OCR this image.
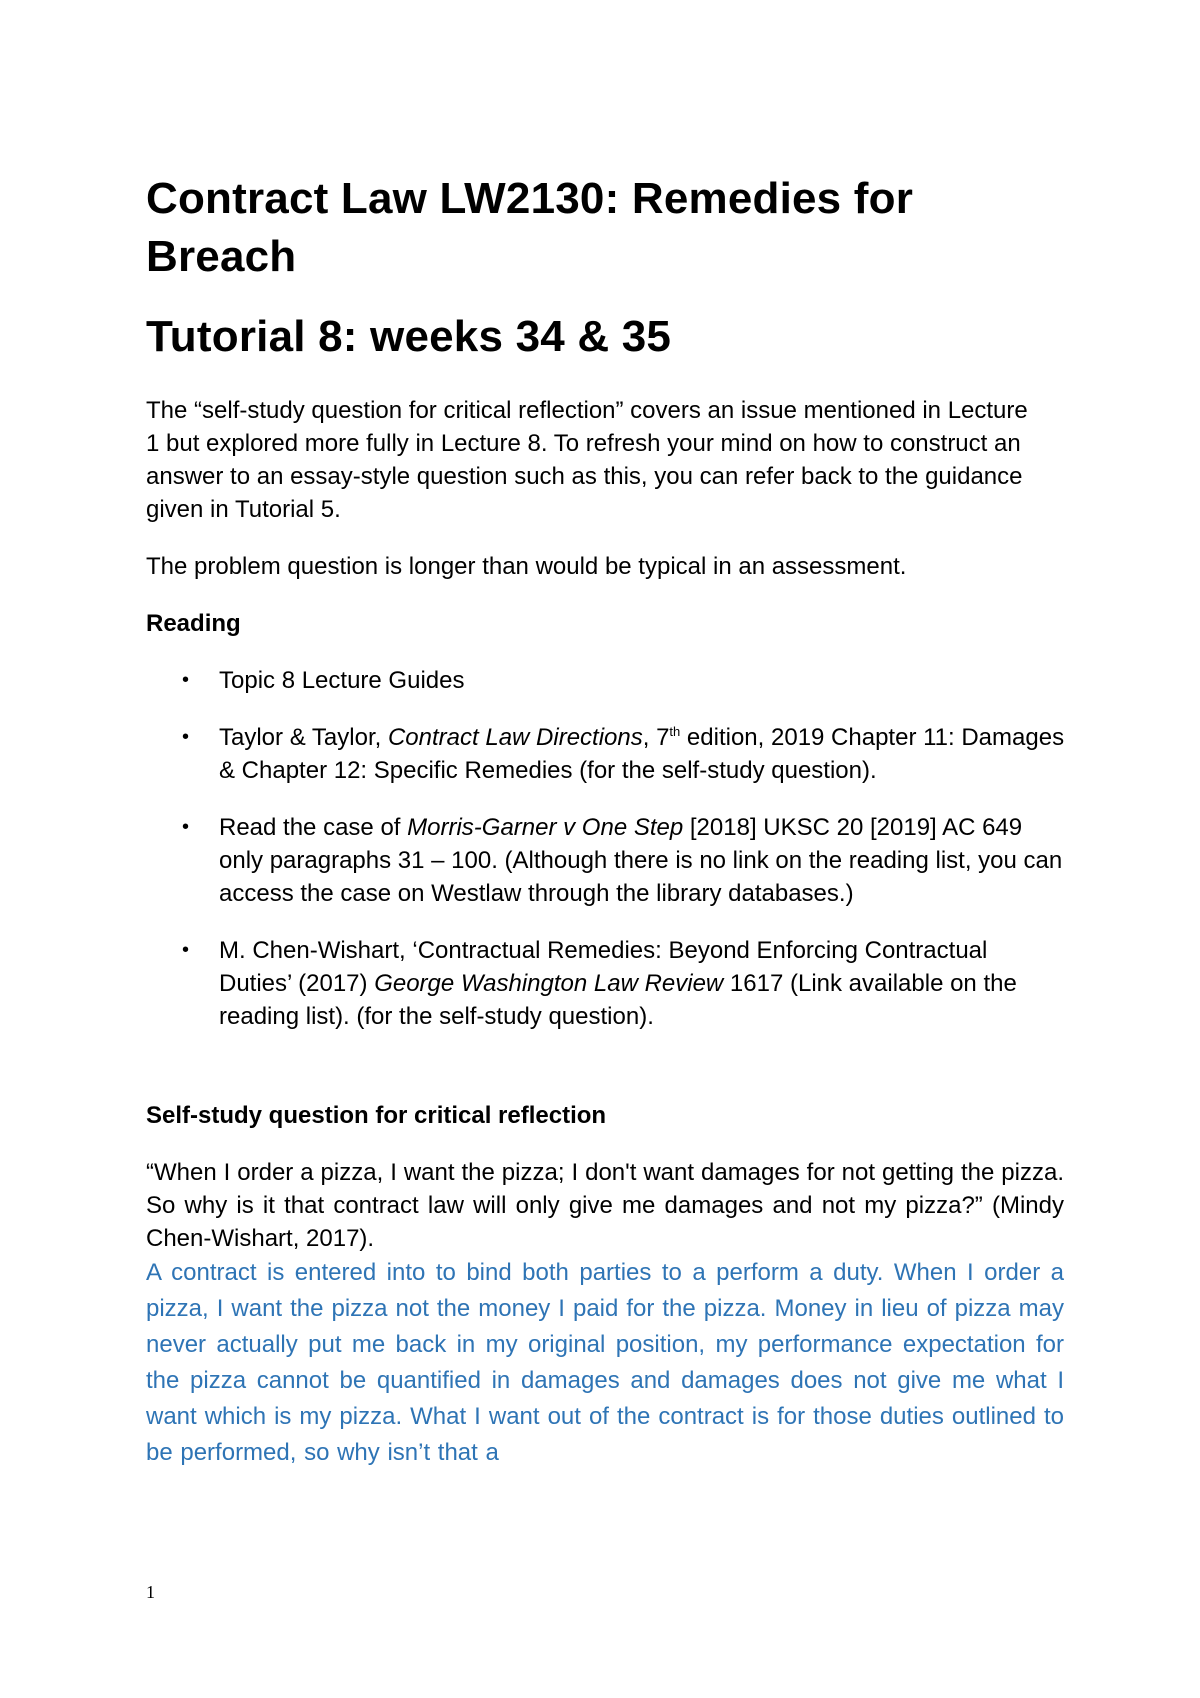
Contract Law LW2130: Remedies for Breach
Tutorial 8: weeks 34 & 35

The “self-study question for critical reflection” covers an issue mentioned in Lecture 1 but explored more fully in Lecture 8. To refresh your mind on how to construct an answer to an essay-style question such as this, you can refer back to the guidance given in Tutorial 5.

The problem question is longer than would be typical in an assessment.

Reading

• Topic 8 Lecture Guides
• Taylor & Taylor, Contract Law Directions, 7th edition, 2019 Chapter 11: Damages & Chapter 12: Specific Remedies (for the self-study question).
• Read the case of Morris-Garner v One Step [2018] UKSC 20 [2019] AC 649 only paragraphs 31 – 100. (Although there is no link on the reading list, you can access the case on Westlaw through the library databases.)
• M. Chen-Wishart, ‘Contractual Remedies: Beyond Enforcing Contractual Duties’ (2017) George Washington Law Review 1617 (Link available on the reading list). (for the self-study question).

Self-study question for critical reflection

“When I order a pizza, I want the pizza; I don't want damages for not getting the pizza. So why is it that contract law will only give me damages and not my pizza?” (Mindy Chen-Wishart, 2017).

A contract is entered into to bind both parties to a perform a duty. When I order a pizza, I want the pizza not the money I paid for the pizza. Money in lieu of pizza may never actually put me back in my original position, my performance expectation for the pizza cannot be quantified in damages and damages does not give me what I want which is my pizza. What I want out of the contract is for those duties outlined to be performed, so why isn’t that a

1
